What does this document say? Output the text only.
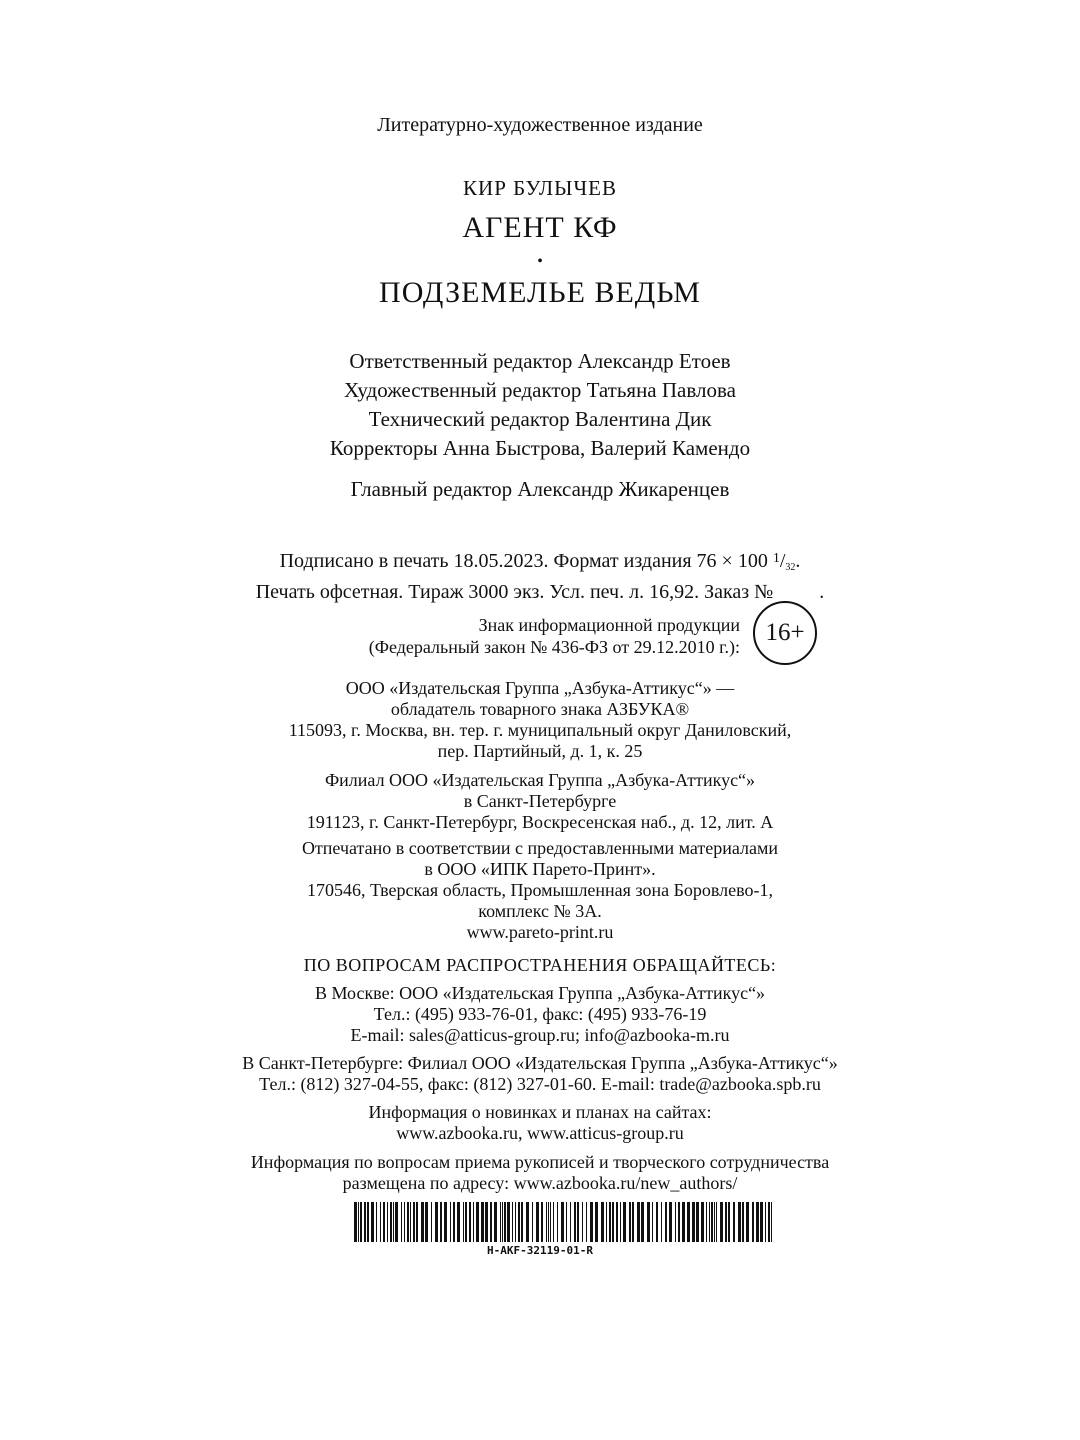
Литературно-художественное издание
КИР БУЛЫЧЕВ
АГЕНТ КФ
•
ПОДЗЕМЕЛЬЕ ВЕДЬМ
Ответственный редактор Александр Етоев
Художественный редактор Татьяна Павлова
Технический редактор Валентина Дик
Корректоры Анна Быстрова, Валерий Каменд​о
Главный редактор Александр Жикаренцев
Подписано в печать 18.05.2023. Формат издания 76 × 100 $^1/_{32}$.
Печать офсетная. Тираж 3000 экз. Усл. печ. л. 16,92. Заказ № .
Знак информационной продукции
(Федеральный закон № 436-ФЗ от 29.12.2010 г.):
16+
ООО «Издательская Группа „Азбука-Аттикус“» —
обладатель товарного знака АЗБУКА®
115093, г. Москва, вн. тер. г. муниципальный округ Даниловский,
пер. Партийный, д. 1, к. 25
Филиал ООО «Издательская Группа „Азбука-Аттикус“»
в Санкт-Петербурге
191123, г. Санкт-Петербург, Воскресенская наб., д. 12, лит. А
Отпечатано в соответствии с предоставленными материалами
в ООО «ИПК Парето-Принт».
170546, Тверская область, Промышленная зона Боровлево-1,
комплекс № 3А.
www.pareto-print.ru
ПО ВОПРОСАМ РАСПРОСТРАНЕНИЯ ОБРАЩАЙТЕСЬ:
В Москве: ООО «Издательская Группа „Азбука-Аттикус“»
Тел.: (495) 933-76-01, факс: (495) 933-76-19
E-mail: sales@atticus-group.ru; info@azbooka-m.ru
В Санкт-Петербурге: Филиал ООО «Издательская Группа „Азбука-Аттикус“»
Тел.: (812) 327-04-55, факс: (812) 327-01-60. E-mail: trade@azbooka.spb.ru
Информация о новинках и планах на сайтах:
www.azbooka.ru, www.atticus-group.ru
Информация по вопросам приема рукописей и творческого сотрудничества
размещена по адресу: www.azbooka.ru/new_authors/
H-AKF-32119-01-R
